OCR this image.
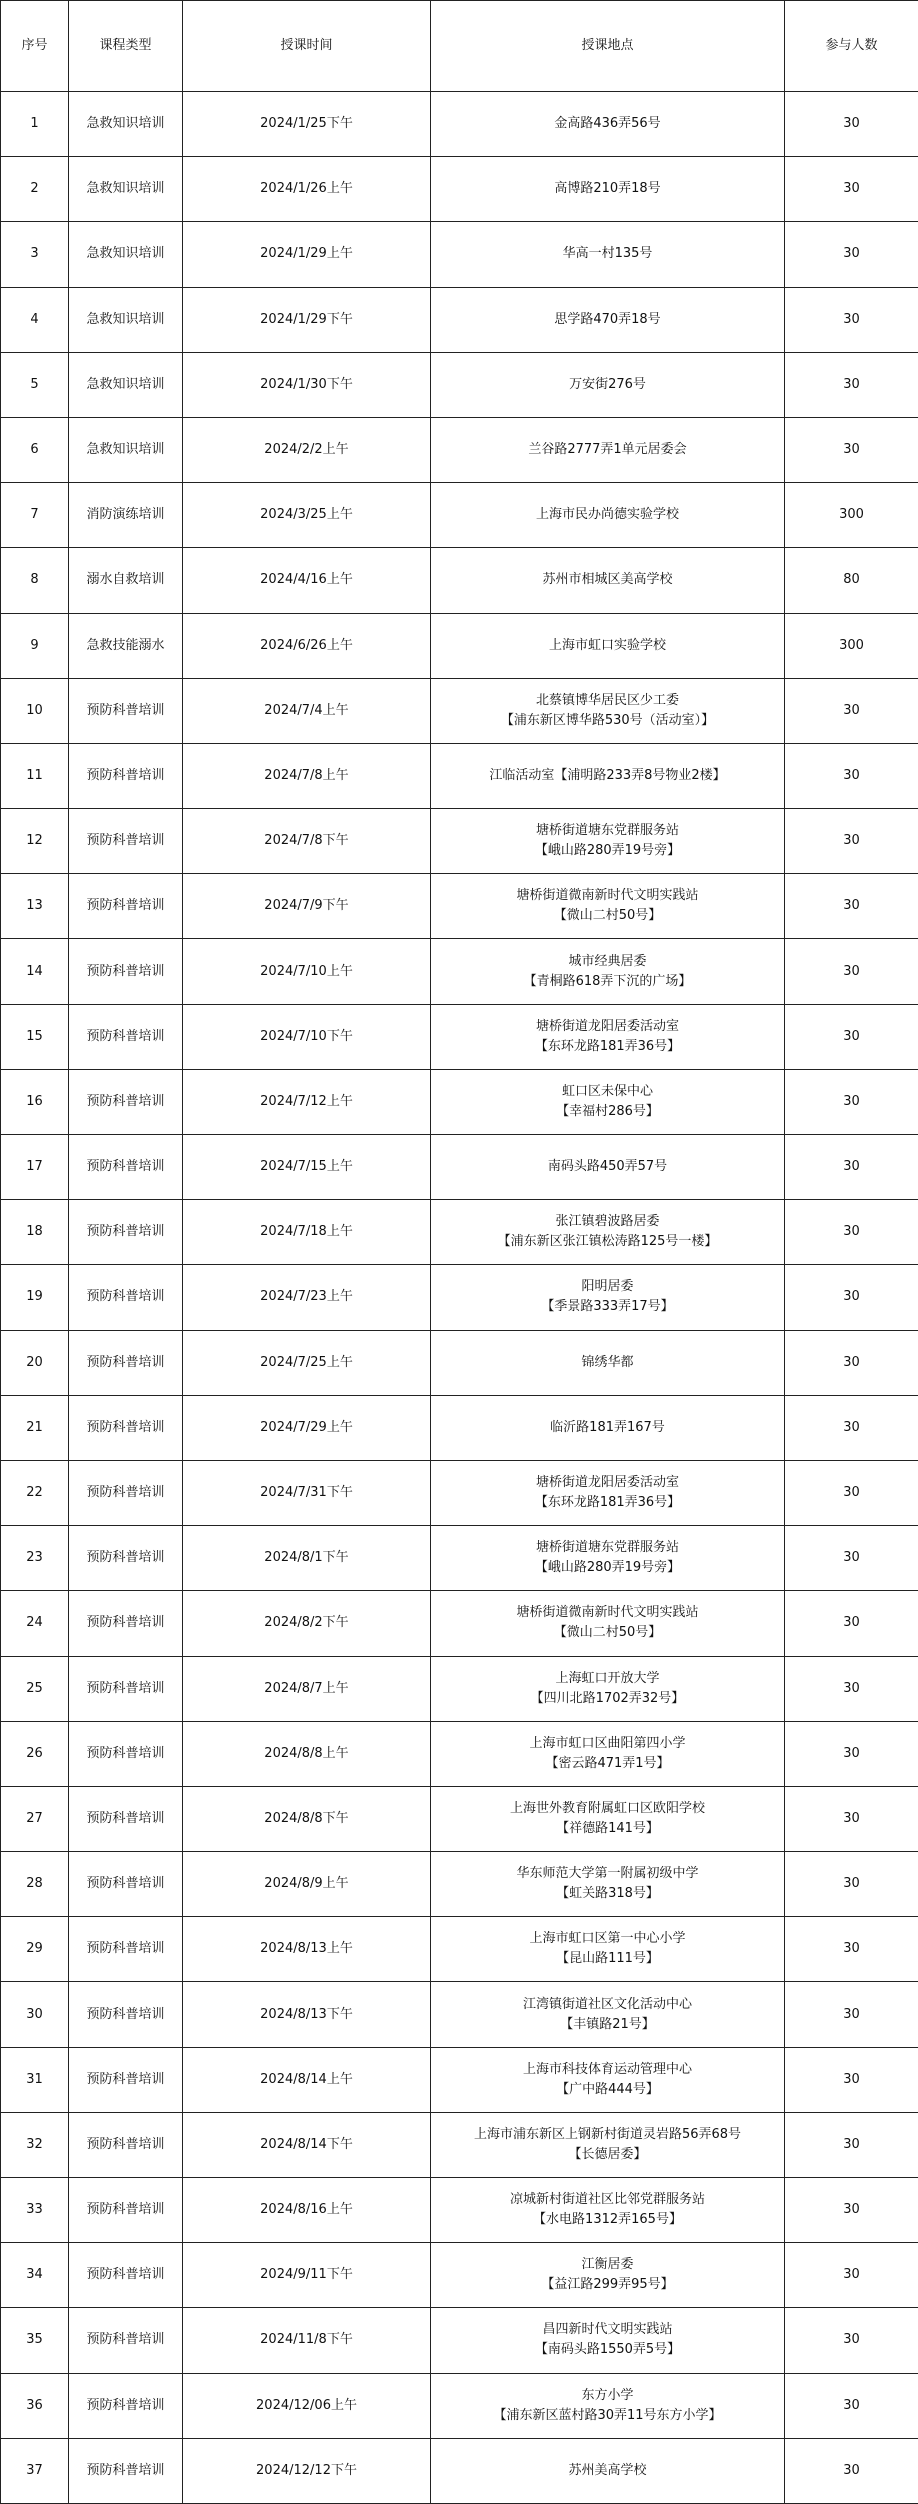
序号	课程类型	授课时间	授课地点	参与人数
1	急救知识培训	2024/1/25下午	金高路436弄56号	30
2	急救知识培训	2024/1/26上午	高博路210弄18号	30
3	急救知识培训	2024/1/29上午	华高一村135号	30
4	急救知识培训	2024/1/29下午	思学路470弄18号	30
5	急救知识培训	2024/1/30下午	万安街276号	30
6	急救知识培训	2024/2/2上午	兰谷路2777弄1单元居委会	30
7	消防演练培训	2024/3/25上午	上海市民办尚德实验学校	300
8	溺水自救培训	2024/4/16上午	苏州市相城区美高学校	80
9	急救技能溺水	2024/6/26上午	上海市虹口实验学校	300
10	预防科普培训	2024/7/4上午	北蔡镇博华居民区少工委
【浦东新区博华路530号（活动室）】	30
11	预防科普培训	2024/7/8上午	江临活动室【浦明路233弄8号物业2楼】	30
12	预防科普培训	2024/7/8下午	塘桥街道塘东党群服务站
【峨山路280弄19号旁】	30
13	预防科普培训	2024/7/9下午	塘桥街道微南新时代文明实践站
【微山二村50号】	30
14	预防科普培训	2024/7/10上午	城市经典居委
【青桐路618弄下沉的广场】	30
15	预防科普培训	2024/7/10下午	塘桥街道龙阳居委活动室
【东环龙路181弄36号】	30
16	预防科普培训	2024/7/12上午	虹口区未保中心
【幸福村286号】	30
17	预防科普培训	2024/7/15上午	南码头路450弄57号	30
18	预防科普培训	2024/7/18上午	张江镇碧波路居委
【浦东新区张江镇松涛路125号一楼】	30
19	预防科普培训	2024/7/23上午	阳明居委
【季景路333弄17号】	30
20	预防科普培训	2024/7/25上午	锦绣华都	30
21	预防科普培训	2024/7/29上午	临沂路181弄167号	30
22	预防科普培训	2024/7/31下午	塘桥街道龙阳居委活动室
【东环龙路181弄36号】	30
23	预防科普培训	2024/8/1下午	塘桥街道塘东党群服务站
【峨山路280弄19号旁】	30
24	预防科普培训	2024/8/2下午	塘桥街道微南新时代文明实践站
【微山二村50号】	30
25	预防科普培训	2024/8/7上午	上海虹口开放大学
【四川北路1702弄32号】	30
26	预防科普培训	2024/8/8上午	上海市虹口区曲阳第四小学
【密云路471弄1号】	30
27	预防科普培训	2024/8/8下午	上海世外教育附属虹口区欧阳学校
【祥德路141号】	30
28	预防科普培训	2024/8/9上午	华东师范大学第一附属初级中学
【虹关路318号】	30
29	预防科普培训	2024/8/13上午	上海市虹口区第一中心小学
【昆山路111号】	30
30	预防科普培训	2024/8/13下午	江湾镇街道社区文化活动中心
【丰镇路21号】	30
31	预防科普培训	2024/8/14上午	上海市科技体育运动管理中心
【广中路444号】	30
32	预防科普培训	2024/8/14下午	上海市浦东新区上钢新村街道灵岩路56弄68号
【长德居委】	30
33	预防科普培训	2024/8/16上午	凉城新村街道社区比邻党群服务站
【水电路1312弄165号】	30
34	预防科普培训	2024/9/11下午	江衡居委
【益江路299弄95号】	30
35	预防科普培训	2024/11/8下午	昌四新时代文明实践站
【南码头路1550弄5号】	30
36	预防科普培训	2024/12/06上午	东方小学
【浦东新区蓝村路30弄11号东方小学】	30
37	预防科普培训	2024/12/12下午	苏州美高学校	30
